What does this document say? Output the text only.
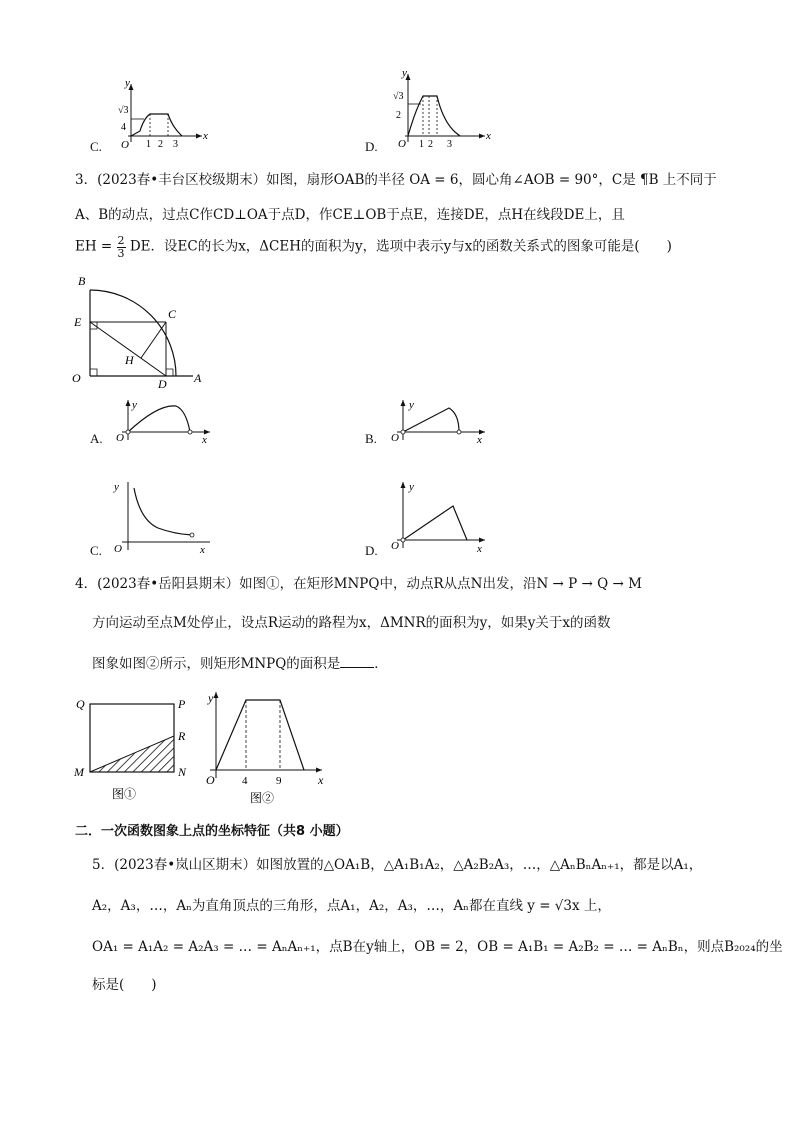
C.
y
√3
4
O 1 2 3
x
D.
y
√3
2
O 1 2 3
x
3．(2023春•丰台区校级期末）如图，扇形OAB的半径 OA = 6，圆心角∠AOB = 90°，C是 ¶B 上不同于
A、B的动点，过点C作CD⊥OA于点D，作CE⊥OB于点E，连接DE，点H在线段DE上，且
EH = $\frac{2}{3}$ DE．设EC的长为x，ΔCEH的面积为y，选项中表示y与x的函数关系式的图象可能是(　　)
B
E
C
H
O	D A
A.
y
O	x	B.
y
O	x
C.
y
O	x	D.
y
O	x
4．(2023春•岳阳县期末）如图①，在矩形MNPQ中，动点R从点N出发，沿N → P → Q → M
方向运动至点M处停止，设点R运动的路程为x，ΔMNR的面积为y，如果y关于x的函数
图象如图②所示，则矩形MNPQ的面积是	．
Q	P
R
M	N
图①
y
O 4	9	x
图②
二．一次函数图象上点的坐标特征（共8 小题）
5．(2023春•岚山区期末）如图放置的△OA₁B，△A₁B₁A₂，△A₂B₂A₃，…，△AₙBₙAₙ₊₁，都是以A₁，
A₂，A₃，…，Aₙ为直角顶点的三角形，点A₁，A₂，A₃，…，Aₙ都在直线 y = √3x 上，
OA₁ = A₁A₂ = A₂A₃ = … = AₙAₙ₊₁，点B在y轴上，OB = 2，OB = A₁B₁ = A₂B₂ = … = AₙBₙ，则点B₂₀₂₄的坐
标是(　　)
